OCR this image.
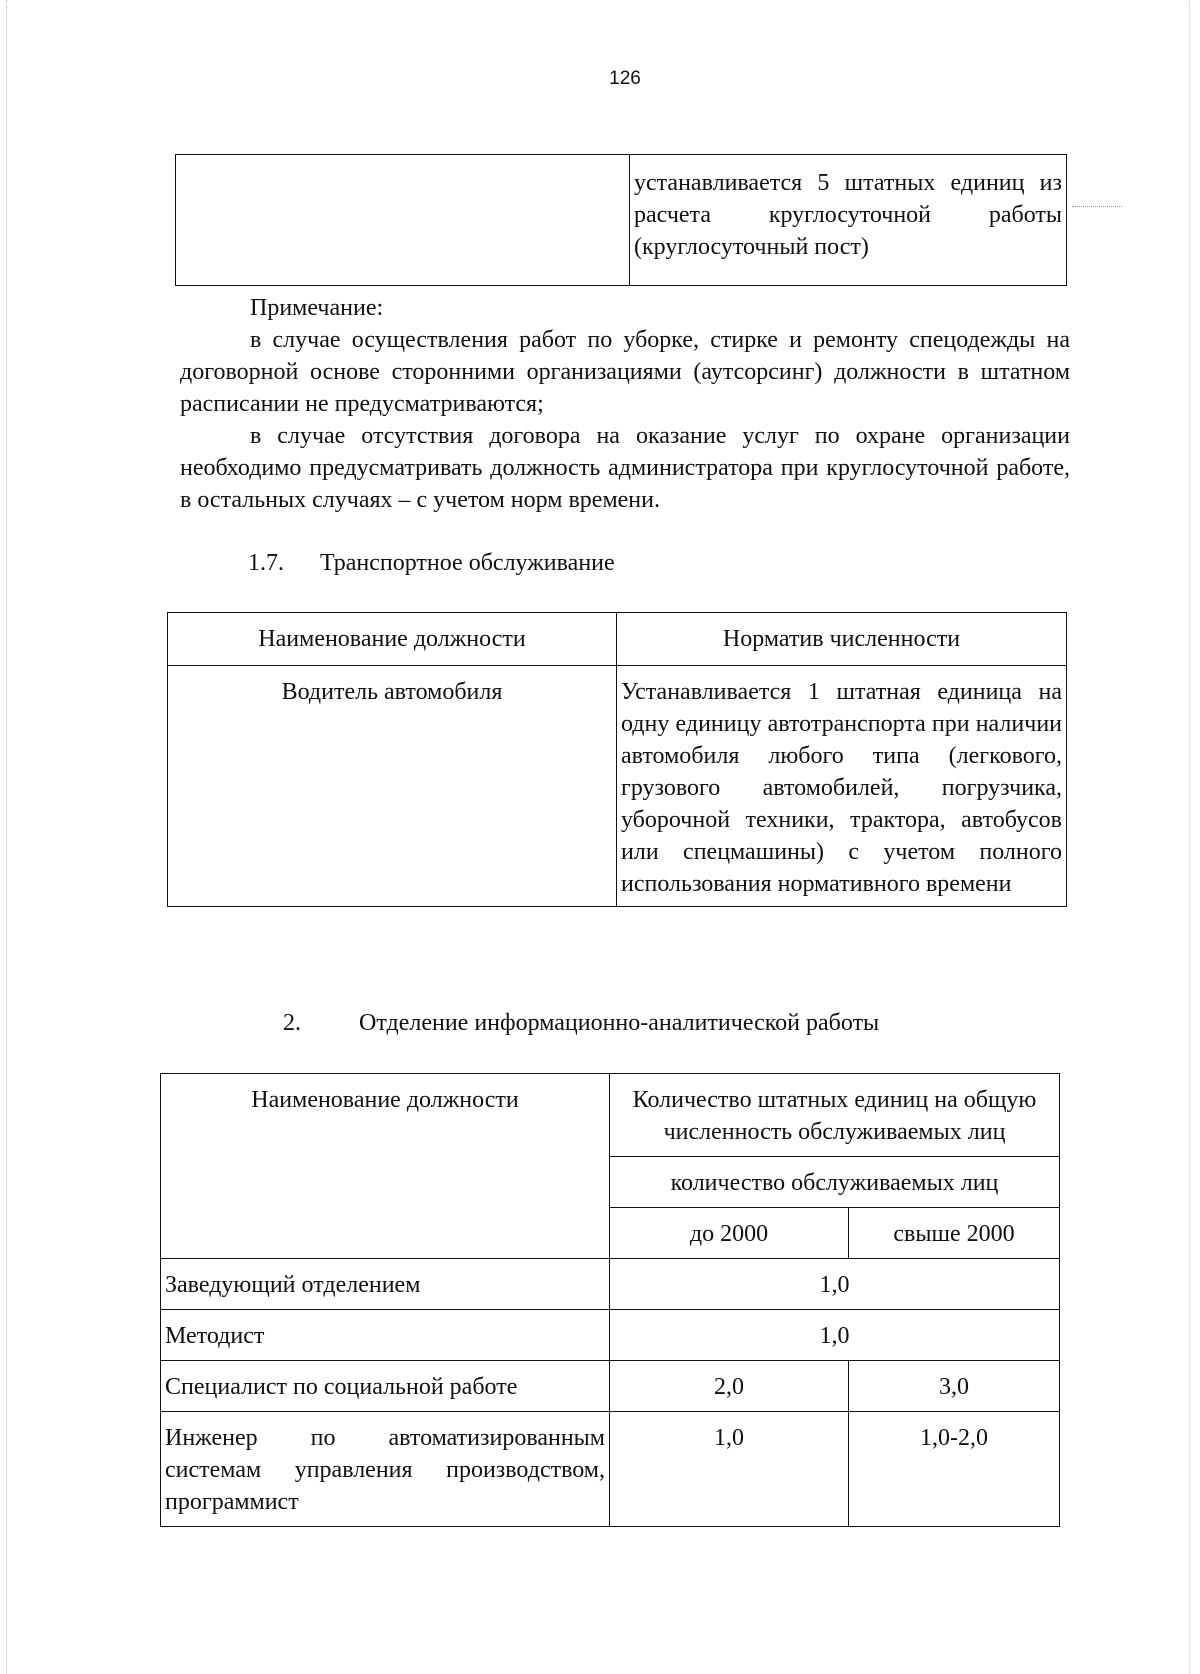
126
	устанавливается 5 штатных единиц из расчета круглосуточной работы (круглосуточный пост)

Примечание:

в случае осуществления работ по уборке, стирке и ремонту спецодежды на договорной основе сторонними организациями (аутсорсинг) должности в штатном расписании не предусматриваются;

в случае отсутствия договора на оказание услуг по охране организации необходимо предусматривать должность администратора при круглосуточной работе, в остальных случаях – с учетом норм времени.

1.7. Транспортное обслуживание
Наименование должности	Норматив численности
Водитель автомобиля	Устанавливается 1 штатная единица на одну единицу автотранспорта при наличии автомобиля любого типа (легкового, грузового автомобилей, погрузчика, уборочной техники, трактора, автобусов или спецмашины) с учетом полного использования нормативного времени
2. Отделение информационно-аналитической работы
Наименование должности	Количество штатных единиц на общую численность обслуживаемых лиц	
	количество обслуживаемых лиц	
	до 2000	свыше 2000
Заведующий отделением	1,0	
Методист	1,0	
Специалист по социальной работе	2,0	3,0
Инженер по автоматизированным системам управления производством, программист	1,0	1,0-2,0
